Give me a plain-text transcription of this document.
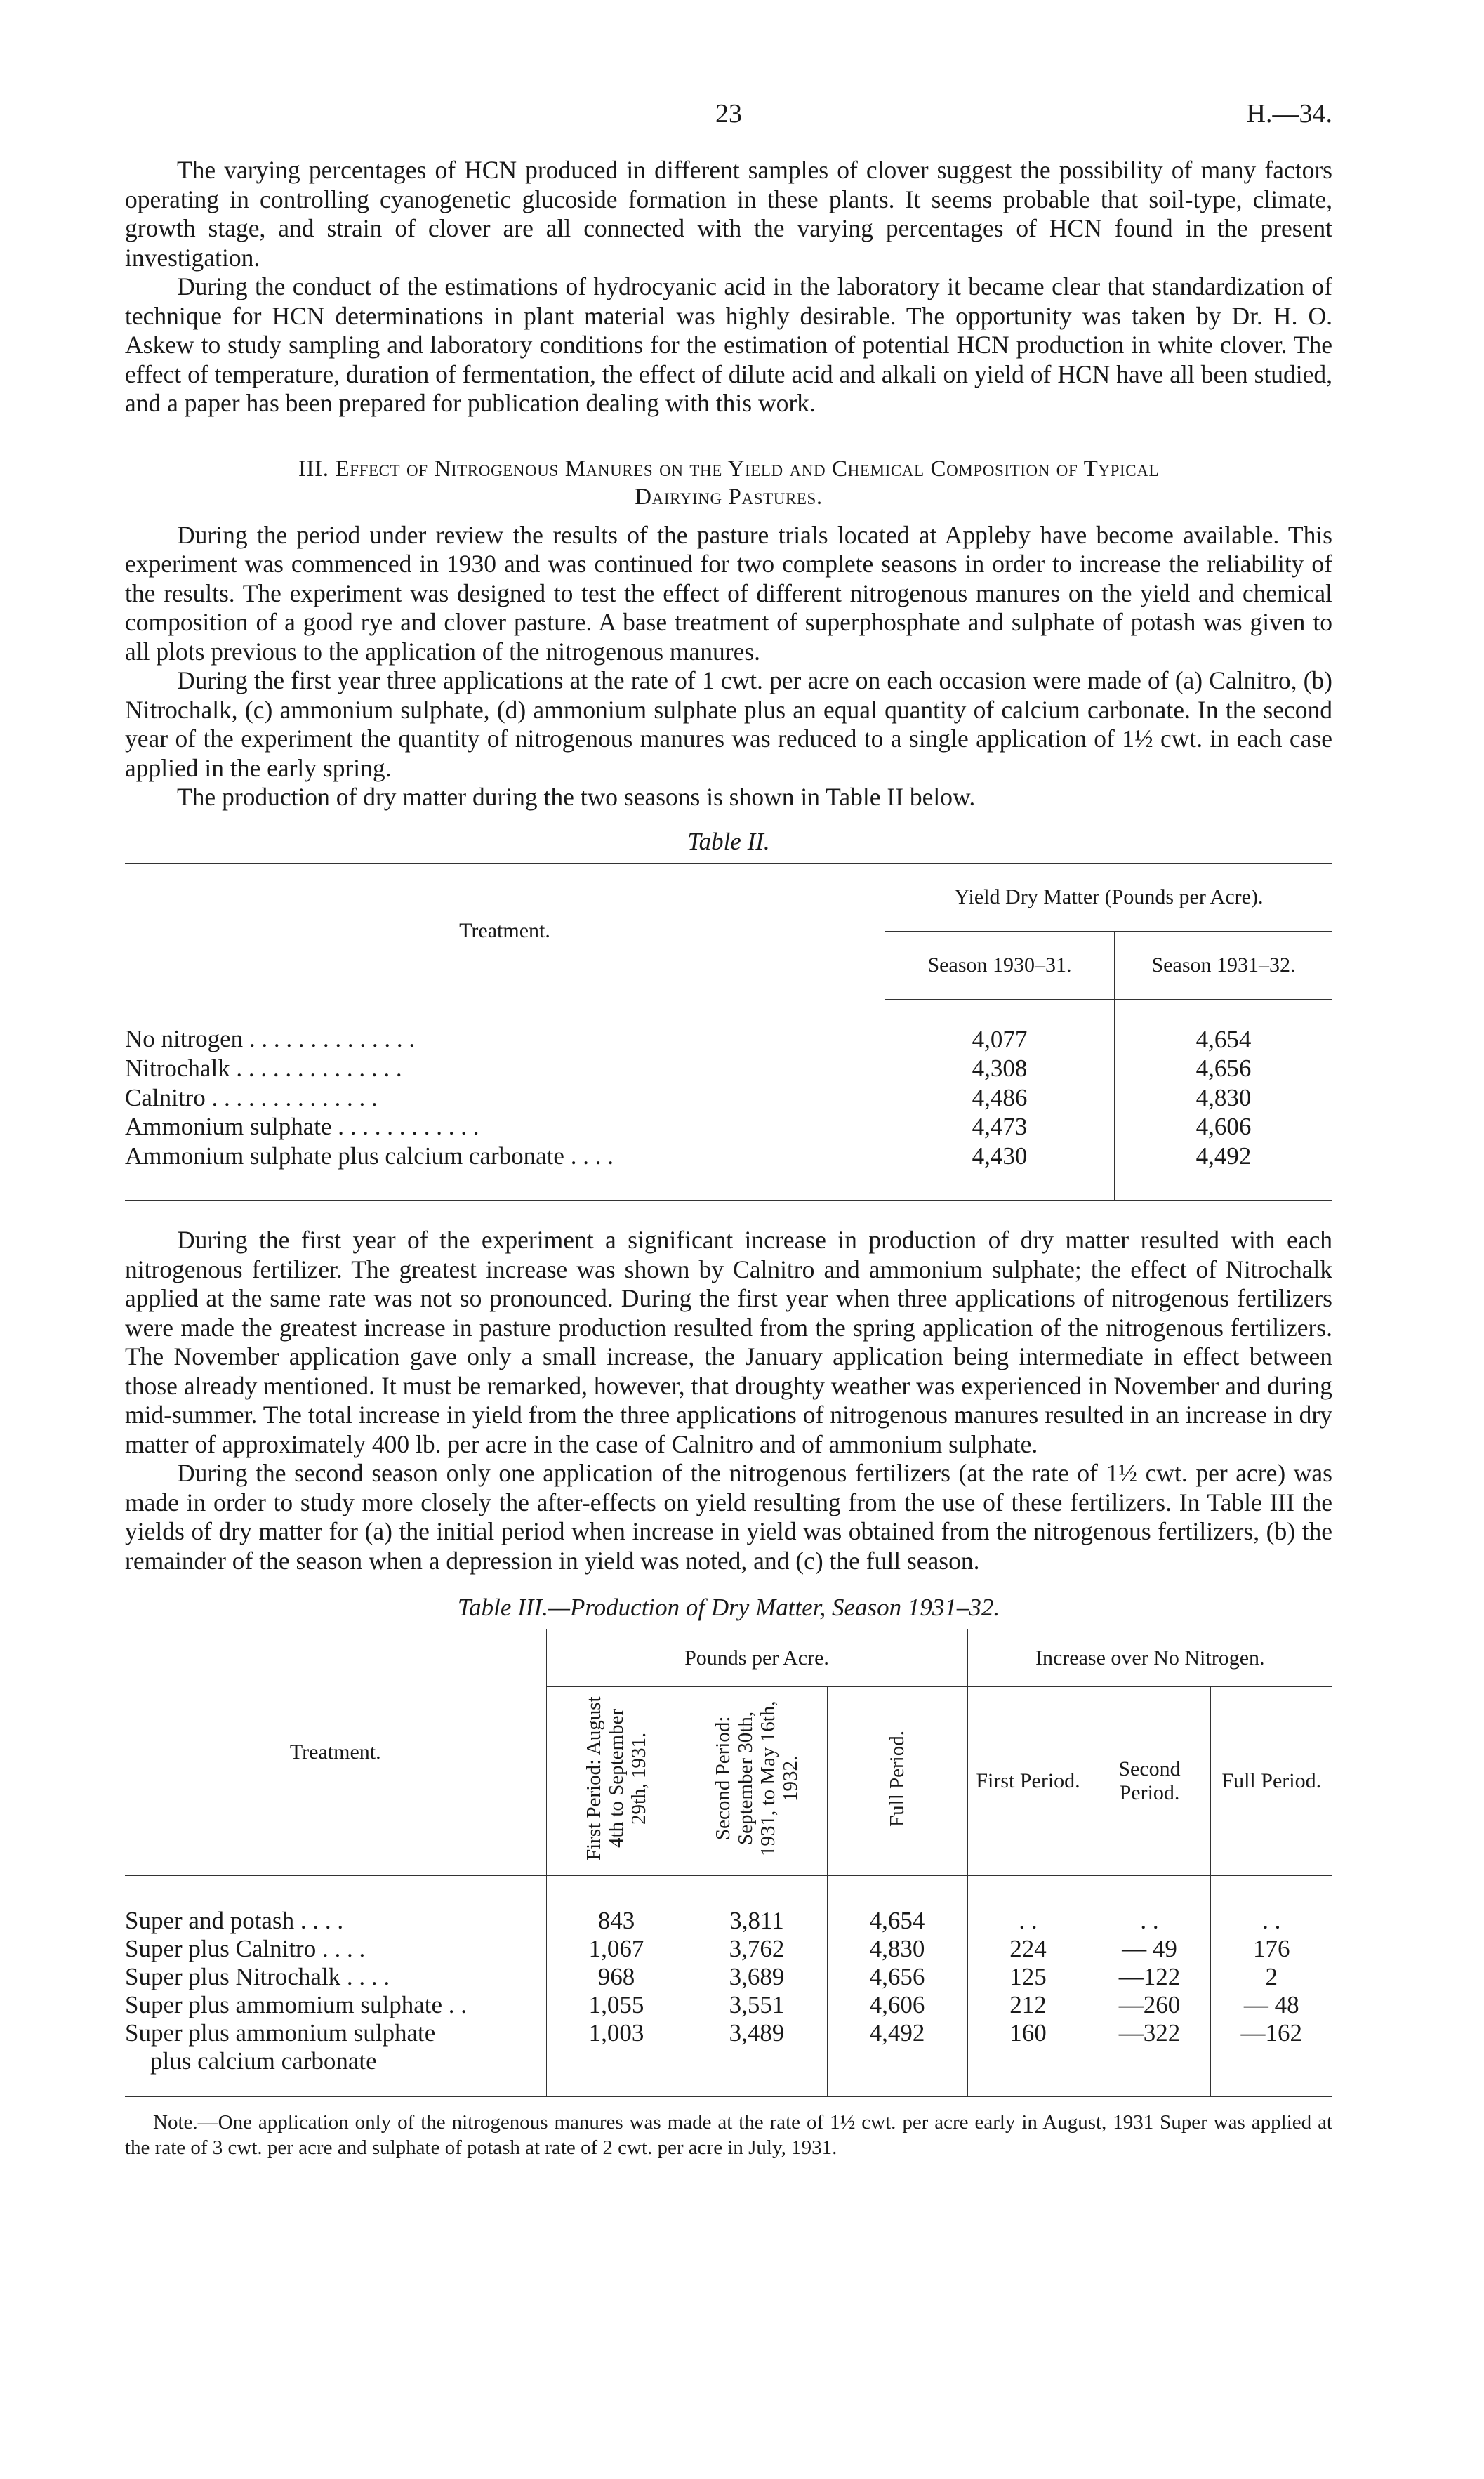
23	H.—34.

The varying percentages of HCN produced in different samples of clover suggest the possibility of many factors operating in controlling cyanogenetic glucoside formation in these plants. It seems probable that soil-type, climate, growth stage, and strain of clover are all connected with the varying percentages of HCN found in the present investigation.

During the conduct of the estimations of hydrocyanic acid in the laboratory it became clear that standardization of technique for HCN determinations in plant material was highly desirable. The opportunity was taken by Dr. H. O. Askew to study sampling and laboratory conditions for the estimation of potential HCN production in white clover. The effect of temperature, duration of fermentation, the effect of dilute acid and alkali on yield of HCN have all been studied, and a paper has been prepared for publication dealing with this work.

III. Effect of Nitrogenous Manures on the Yield and Chemical Composition of Typical
Dairying Pastures.

During the period under review the results of the pasture trials located at Appleby have become available. This experiment was commenced in 1930 and was continued for two complete seasons in order to increase the reliability of the results. The experiment was designed to test the effect of different nitrogenous manures on the yield and chemical composition of a good rye and clover pasture. A base treatment of superphosphate and sulphate of potash was given to all plots previous to the application of the nitrogenous manures.

During the first year three applications at the rate of 1 cwt. per acre on each occasion were made of (a) Calnitro, (b) Nitrochalk, (c) ammonium sulphate, (d) ammonium sulphate plus an equal quantity of calcium carbonate. In the second year of the experiment the quantity of nitrogenous manures was reduced to a single application of 1½ cwt. in each case applied in the early spring.

The production of dry matter during the two seasons is shown in Table II below.

Table II.
Treatment.	Yield Dry Matter (Pounds per Acre).	
	Season 1930–31.	Season 1931–32.
No nitrogen . . . . . . . . . . . . . .	4,077	4,654
Nitrochalk . . . . . . . . . . . . . .	4,308	4,656
Calnitro . . . . . . . . . . . . . .	4,486	4,830
Ammonium sulphate . . . . . . . . . . . .	4,473	4,606
Ammonium sulphate plus calcium carbonate . . . .	4,430	4,492

During the first year of the experiment a significant increase in production of dry matter resulted with each nitrogenous fertilizer. The greatest increase was shown by Calnitro and ammonium sulphate; the effect of Nitrochalk applied at the same rate was not so pronounced. During the first year when three applications of nitrogenous fertilizers were made the greatest increase in pasture production resulted from the spring application of the nitrogenous fertilizers. The November application gave only a small increase, the January application being intermediate in effect between those already mentioned. It must be remarked, however, that droughty weather was experienced in November and during mid-summer. The total increase in yield from the three applications of nitrogenous manures resulted in an increase in dry matter of approximately 400 lb. per acre in the case of Calnitro and of ammonium sulphate.

During the second season only one application of the nitrogenous fertilizers (at the rate of 1½ cwt. per acre) was made in order to study more closely the after-effects on yield resulting from the use of these fertilizers. In Table III the yields of dry matter for (a) the initial period when increase in yield was obtained from the nitrogenous fertilizers, (b) the remainder of the season when a depression in yield was noted, and (c) the full season.

Table III.—Production of Dry Matter, Season 1931–32.
Treatment.	Pounds per Acre.			Increase over No Nitrogen.		
	First Period: August 4th to September 29th, 1931.	Second Period: September 30th, 1931, to May 16th, 1932.	Full Period.	First Period.	Second Period.	Full Period.
Super and potash . . . .	843	3,811	4,654	. .	. .	. .
Super plus Calnitro . . . .	1,067	3,762	4,830	224	— 49	176
Super plus Nitrochalk . . . .	968	3,689	4,656	125	—122	2
Super plus ammomium sulphate . .	1,055	3,551	4,606	212	—260	— 48

Super plus ammonium sulphate
plus calcium carbonate	1,003	3,489	4,492	160	—322	—162
Note.—One application only of the nitrogenous manures was made at the rate of 1½ cwt. per acre early in August, 1931 Super was applied at the rate of 3 cwt. per acre and sulphate of potash at rate of 2 cwt. per acre in July, 1931.
